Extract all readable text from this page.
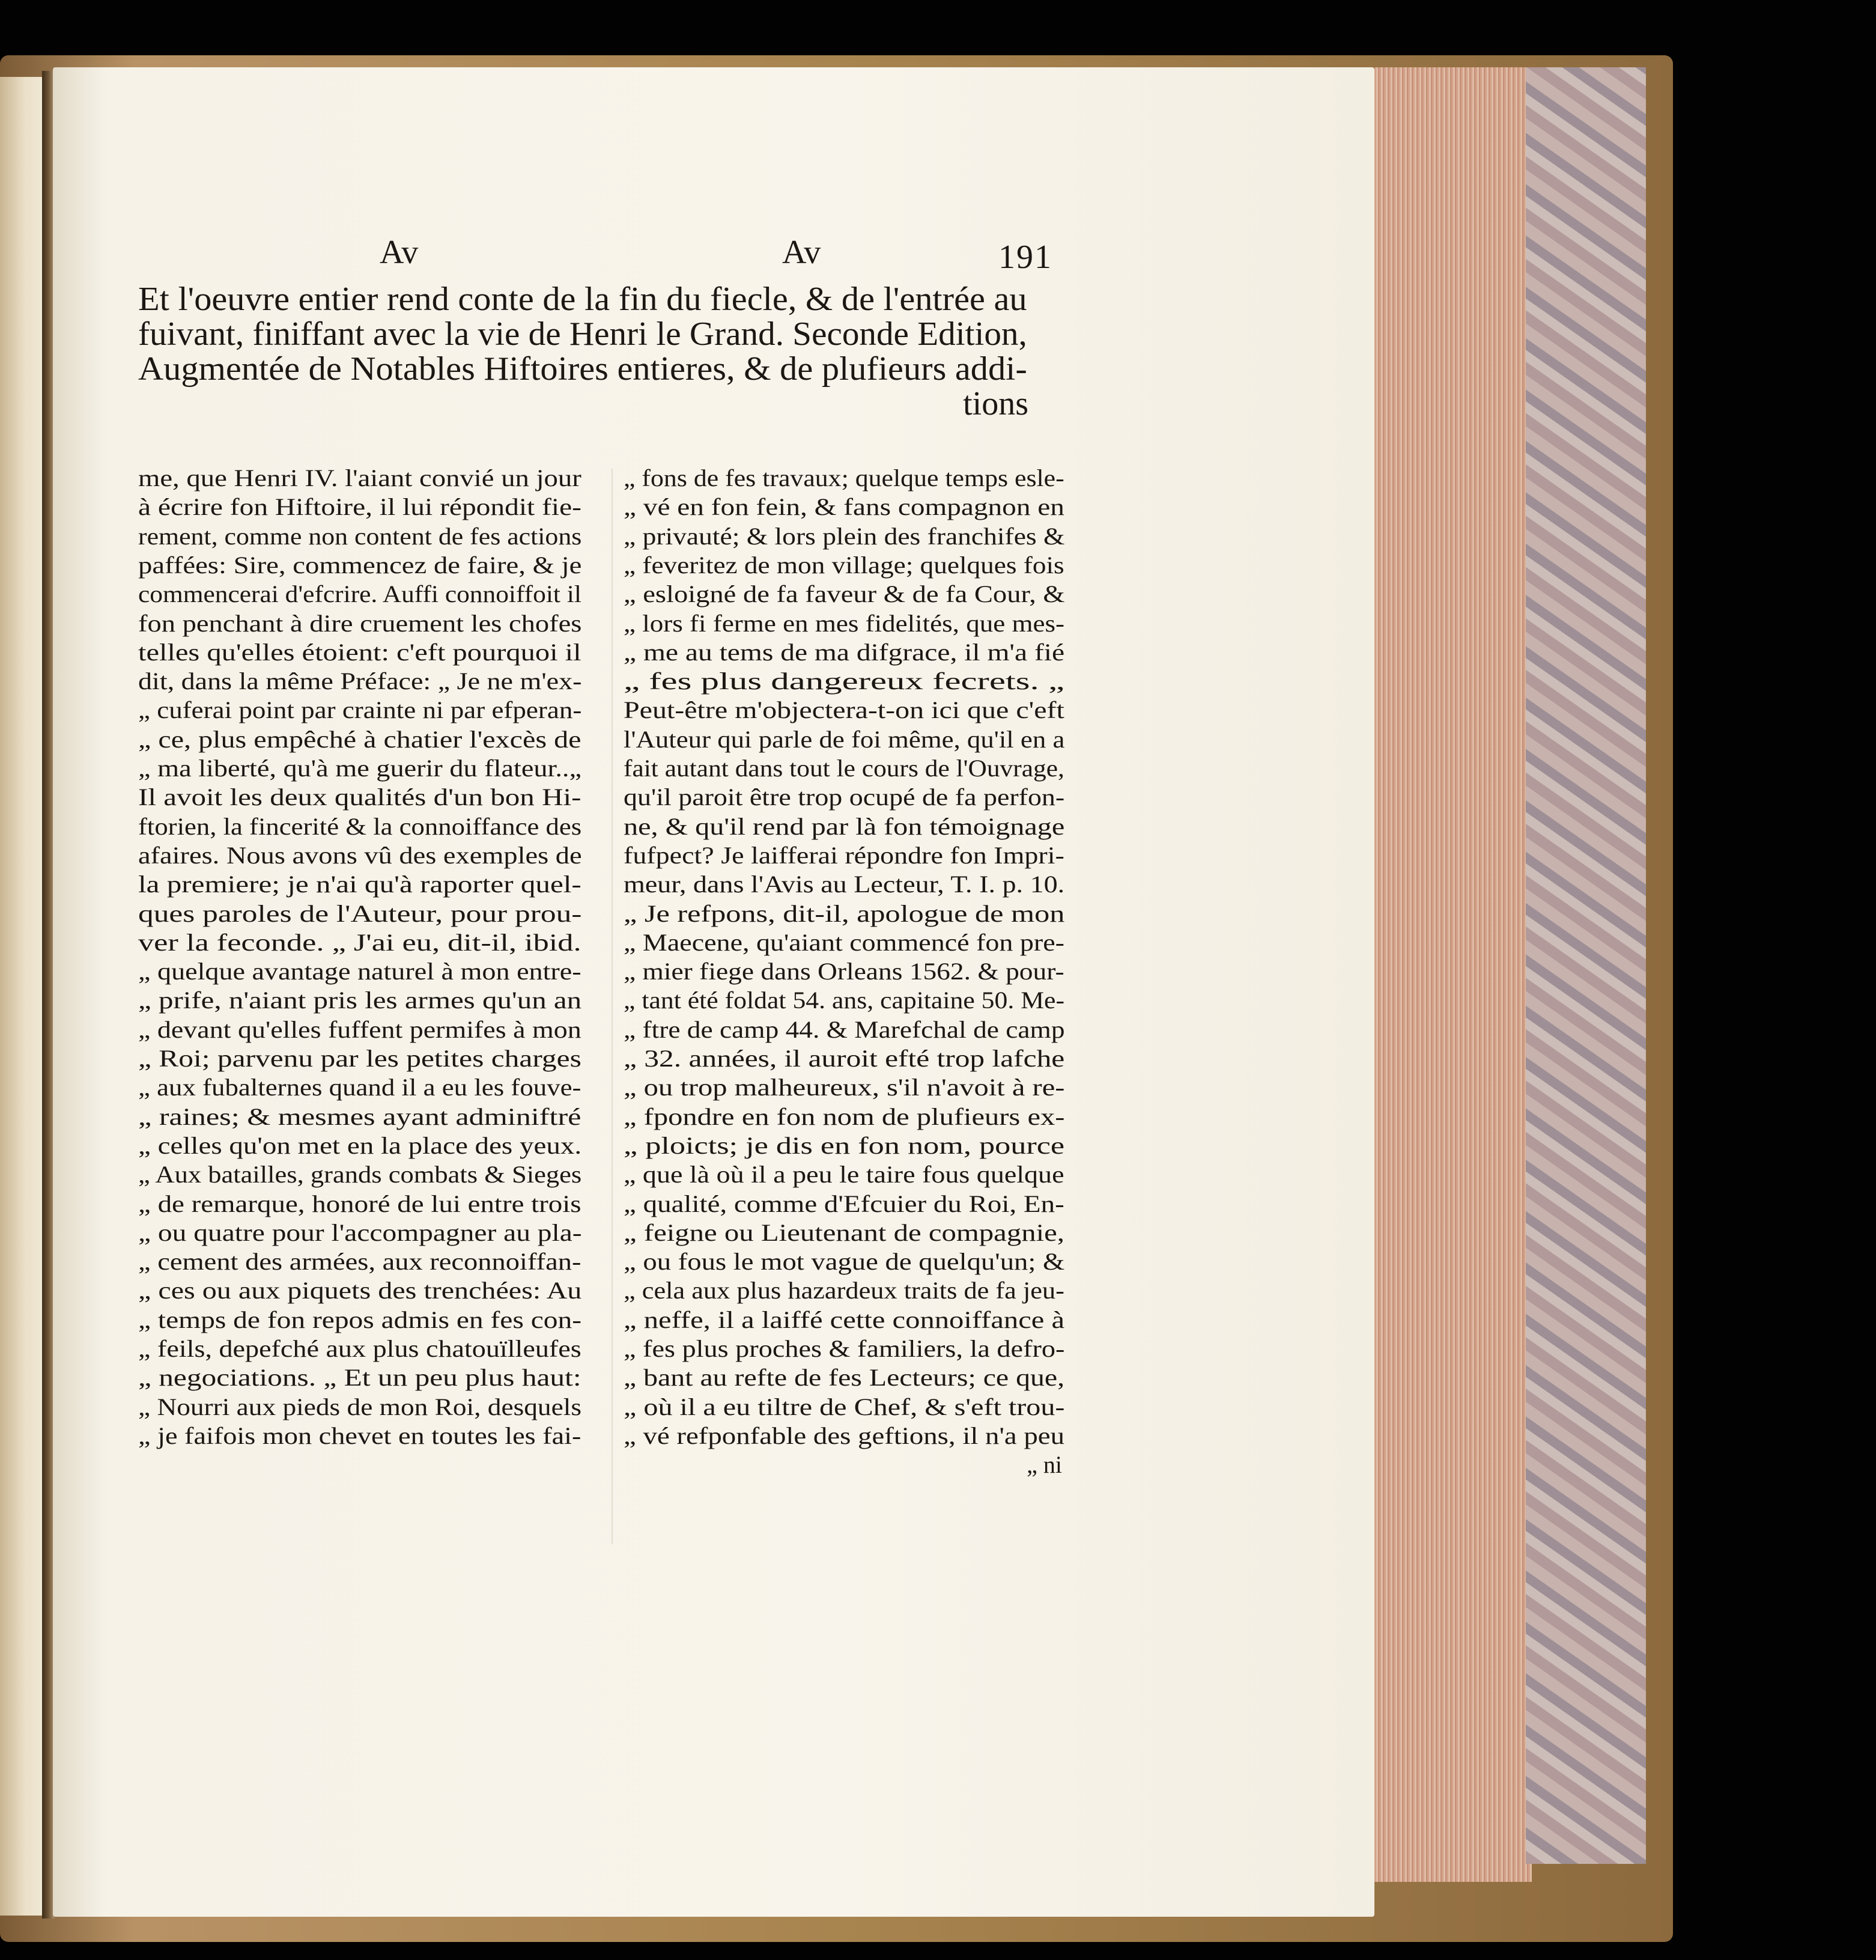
Av	Av	191
Et l'oeuvre entier rend conte de la fin du fiecle, & de l'entrée au
fuivant, finiffant avec la vie de Henri le Grand. Seconde Edition,
Augmentée de Notables Hiftoires entieres, & de plufieurs addi-
tions
me, que Henri IV. l'aiant convié un jour
à écrire fon Hiftoire, il lui répondit fie-
rement, comme non content de fes actions
paffées: Sire, commencez de faire, & je
commencerai d'efcrire. Auffi connoiffoit il
fon penchant à dire cruement les chofes
telles qu'elles étoient: c'eft pourquoi il
dit, dans la même Préface: „ Je ne m'ex-
„ cuferai point par crainte ni par efperan-
„ ce, plus empêché à chatier l'excès de
„ ma liberté, qu'à me guerir du flateur..„
Il avoit les deux qualités d'un bon Hi-
ftorien, la fincerité & la connoiffance des
afaires. Nous avons vû des exemples de
la premiere; je n'ai qu'à raporter quel-
ques paroles de l'Auteur, pour prou-
ver la feconde. „ J'ai eu, dit-il, ibid.
„ quelque avantage naturel à mon entre-
„ prife, n'aiant pris les armes qu'un an
„ devant qu'elles fuffent permifes à mon
„ Roi; parvenu par les petites charges
„ aux fubalternes quand il a eu les fouve-
„ raines; & mesmes ayant adminiftré
„ celles qu'on met en la place des yeux.
„ Aux batailles, grands combats & Sieges
„ de remarque, honoré de lui entre trois
„ ou quatre pour l'accompagner au pla-
„ cement des armées, aux reconnoiffan-
„ ces ou aux piquets des trenchées: Au
„ temps de fon repos admis en fes con-
„ feils, depefché aux plus chatouïlleufes
„ negociations. „ Et un peu plus haut:
„ Nourri aux pieds de mon Roi, desquels
„ je faifois mon chevet en toutes les fai-
„ fons de fes travaux; quelque temps esle-
„ vé en fon fein, & fans compagnon en
„ privauté; & lors plein des franchifes &
„ feveritez de mon village; quelques fois
„ esloigné de fa faveur & de fa Cour, &
„ lors fi ferme en mes fidelités, que mes-
„ me au tems de ma difgrace, il m'a fié
„ fes plus dangereux fecrets. „
Peut-être m'objectera-t-on ici que c'eft
l'Auteur qui parle de foi même, qu'il en a
fait autant dans tout le cours de l'Ouvrage,
qu'il paroit être trop ocupé de fa perfon-
ne, & qu'il rend par là fon témoignage
fufpect? Je laifferai répondre fon Impri-
meur, dans l'Avis au Lecteur, T. I. p. 10.
„ Je refpons, dit-il, apologue de mon
„ Maecene, qu'aiant commencé fon pre-
„ mier fiege dans Orleans 1562. & pour-
„ tant été foldat 54. ans, capitaine 50. Me-
„ ftre de camp 44. & Marefchal de camp
„ 32. années, il auroit efté trop lafche
„ ou trop malheureux, s'il n'avoit à re-
„ fpondre en fon nom de plufieurs ex-
„ ploicts; je dis en fon nom, pource
„ que là où il a peu le taire fous quelque
„ qualité, comme d'Efcuier du Roi, En-
„ feigne ou Lieutenant de compagnie,
„ ou fous le mot vague de quelqu'un; &
„ cela aux plus hazardeux traits de fa jeu-
„ neffe, il a laiffé cette connoiffance à
„ fes plus proches & familiers, la defro-
„ bant au refte de fes Lecteurs; ce que,
„ où il a eu tiltre de Chef, & s'eft trou-
„ vé refponfable des geftions, il n'a peu
„ ni
